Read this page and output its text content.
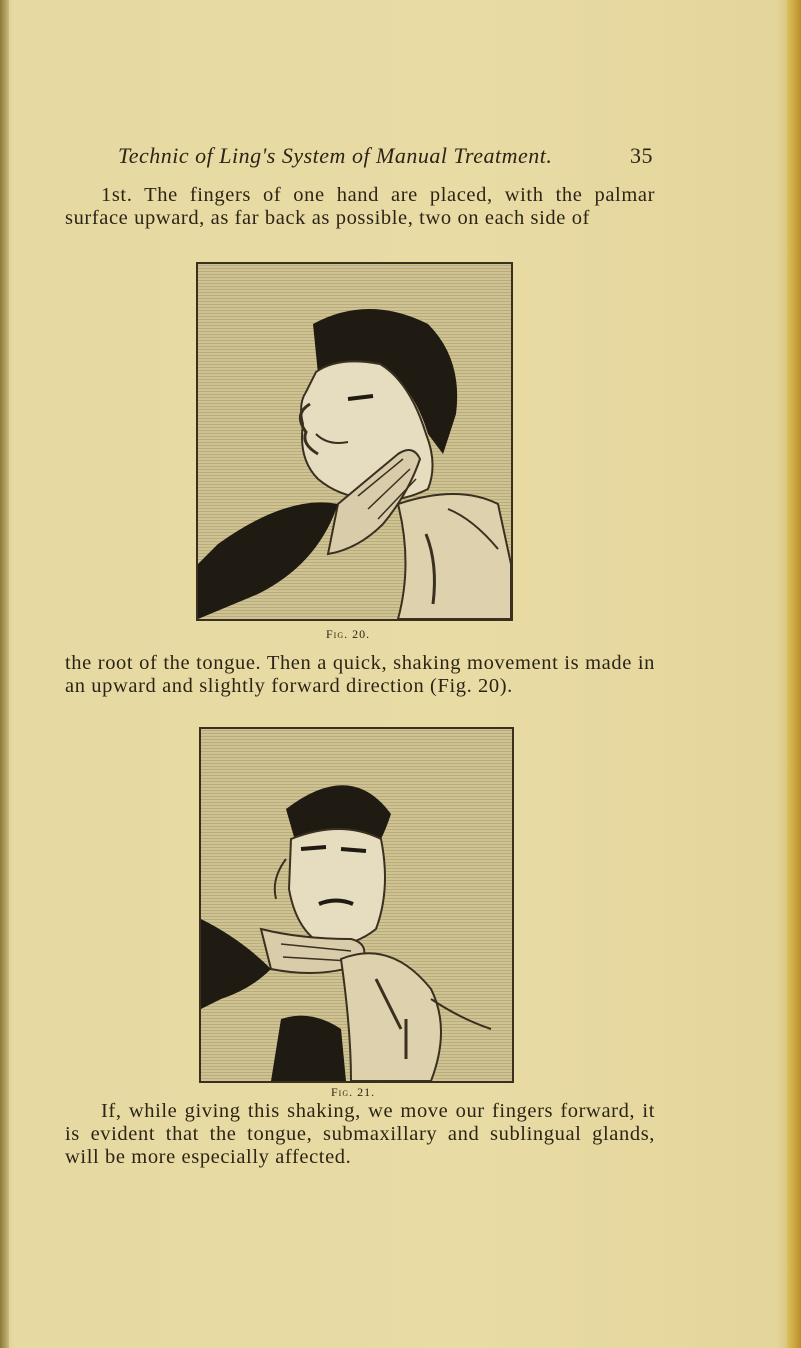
Technic of Ling's System of Manual Treatment.	35
1st. The fingers of one hand are placed, with the palmar surface upward, as far back as possible, two on each side of
Fig. 20.
the root of the tongue. Then a quick, shaking movement is made in an upward and slightly forward direction (Fig. 20).
Fig. 21.
If, while giving this shaking, we move our fingers forward, it is evident that the tongue, submaxillary and sublingual glands, will be more especially affected.
